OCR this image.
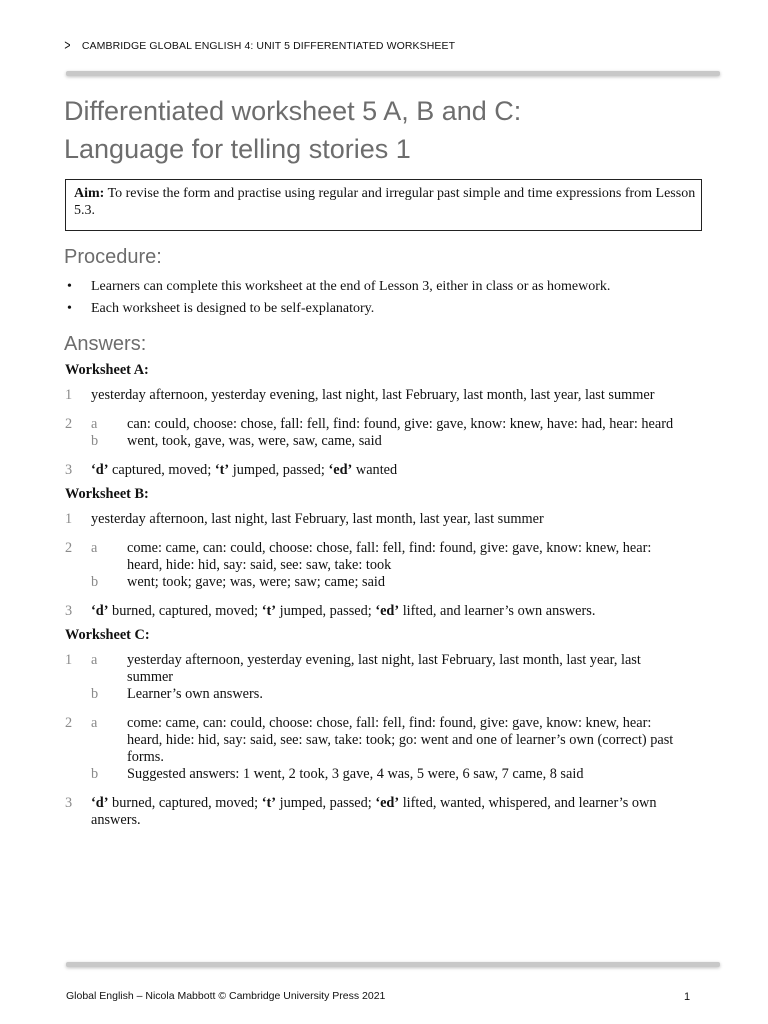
> CAMBRIDGE GLOBAL ENGLISH 4: UNIT 5 DIFFERENTIATED WORKSHEET
Differentiated worksheet 5 A, B and C:
Language for telling stories 1
Aim: To revise the form and practise using regular and irregular past simple and time expressions from Lesson 5.3.
Procedure:
•	Learners can complete this worksheet at the end of Lesson 3, either in class or as homework.
•	Each worksheet is designed to be self-explanatory.
Answers:
Worksheet A:
1	yesterday afternoon, yesterday evening, last night, last February, last month, last year, last summer
2	a	can: could, choose: chose, fall: fell, find: found, give: gave, know: knew, have: had, hear: heard
b	went, took, gave, was, were, saw, came, said
3	‘d’ captured, moved; ‘t’ jumped, passed; ‘ed’ wanted
Worksheet B:
1	yesterday afternoon, last night, last February, last month, last year, last summer
2	a	come: came, can: could, choose: chose, fall: fell, find: found, give: gave, know: knew, hear: heard, hide: hid, say: said, see: saw, take: took
b	went; took; gave; was, were; saw; came; said
3	‘d’ burned, captured, moved; ‘t’ jumped, passed; ‘ed’ lifted, and learner’s own answers.
Worksheet C:
1	a	yesterday afternoon, yesterday evening, last night, last February, last month, last year, last summer
b	Learner’s own answers.
2	a	come: came, can: could, choose: chose, fall: fell, find: found, give: gave, know: knew, hear: heard, hide: hid, say: said, see: saw, take: took; go: went and one of learner’s own (correct) past forms.
b	Suggested answers: 1 went, 2 took, 3 gave, 4 was, 5 were, 6 saw, 7 came, 8 said
3	‘d’ burned, captured, moved; ‘t’ jumped, passed; ‘ed’ lifted, wanted, whispered, and learner’s own answers.
Global English – Nicola Mabbott © Cambridge University Press 2021	1
